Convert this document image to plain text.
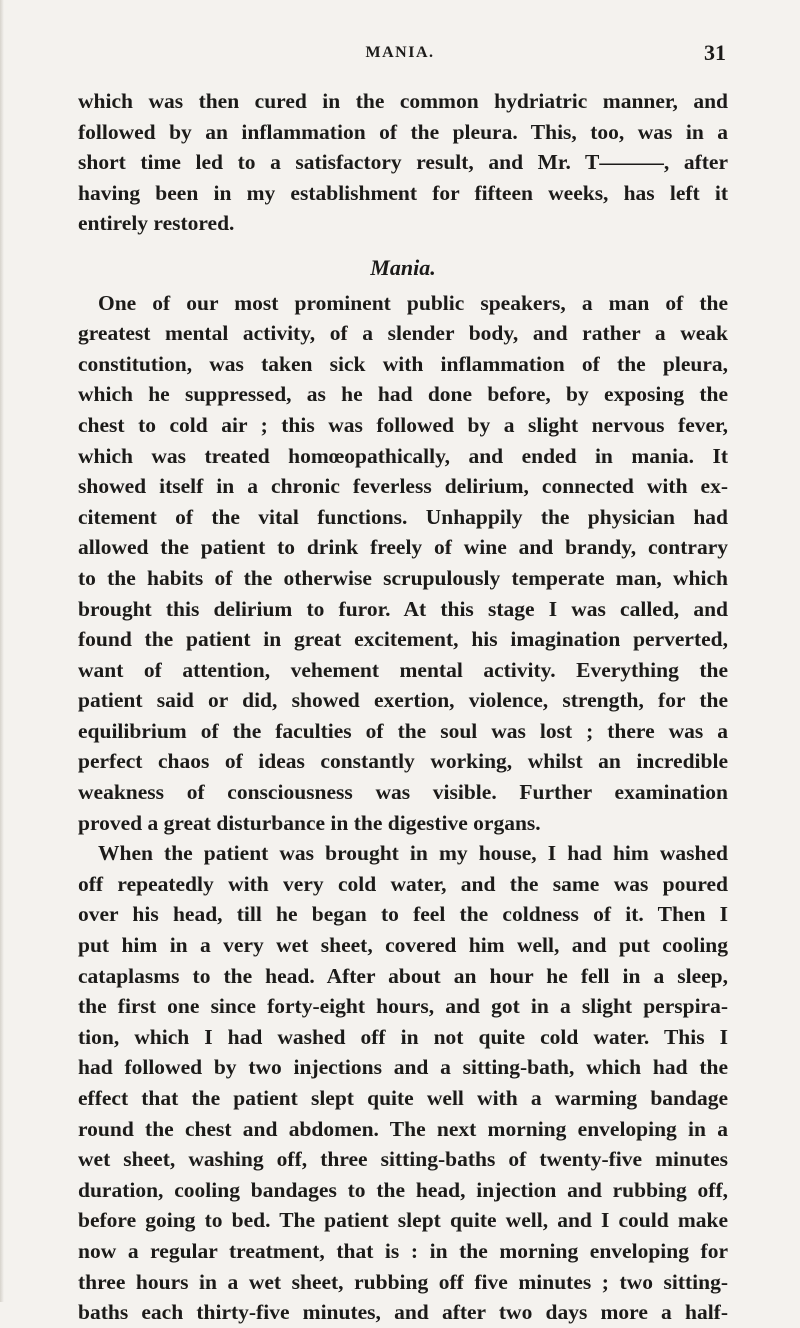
MANIA.	31
which was then cured in the common hydriatric manner, and
followed by an inflammation of the pleura. This, too, was in a
short time led to a satisfactory result, and Mr. T———, after
having been in my establishment for fifteen weeks, has left it
entirely restored.
Mania.
One of our most prominent public speakers, a man of the
greatest mental activity, of a slender body, and rather a weak
constitution, was taken sick with inflammation of the pleura,
which he suppressed, as he had done before, by exposing the
chest to cold air ; this was followed by a slight nervous fever,
which was treated homœopathically, and ended in mania. It
showed itself in a chronic feverless delirium, connected with ex-
citement of the vital functions. Unhappily the physician had
allowed the patient to drink freely of wine and brandy, contrary
to the habits of the otherwise scrupulously temperate man, which
brought this delirium to furor. At this stage I was called, and
found the patient in great excitement, his imagination perverted,
want of attention, vehement mental activity. Everything the
patient said or did, showed exertion, violence, strength, for the
equilibrium of the faculties of the soul was lost ; there was a
perfect chaos of ideas constantly working, whilst an incredible
weakness of consciousness was visible. Further examination
proved a great disturbance in the digestive organs.
When the patient was brought in my house, I had him washed
off repeatedly with very cold water, and the same was poured
over his head, till he began to feel the coldness of it. Then I
put him in a very wet sheet, covered him well, and put cooling
cataplasms to the head. After about an hour he fell in a sleep,
the first one since forty-eight hours, and got in a slight perspira-
tion, which I had washed off in not quite cold water. This I
had followed by two injections and a sitting-bath, which had the
effect that the patient slept quite well with a warming bandage
round the chest and abdomen. The next morning enveloping in a
wet sheet, washing off, three sitting-baths of twenty-five minutes
duration, cooling bandages to the head, injection and rubbing off,
before going to bed. The patient slept quite well, and I could make
now a regular treatment, that is : in the morning enveloping for
three hours in a wet sheet, rubbing off five minutes ; two sitting-
baths each thirty-five minutes, and after two days more a half-
